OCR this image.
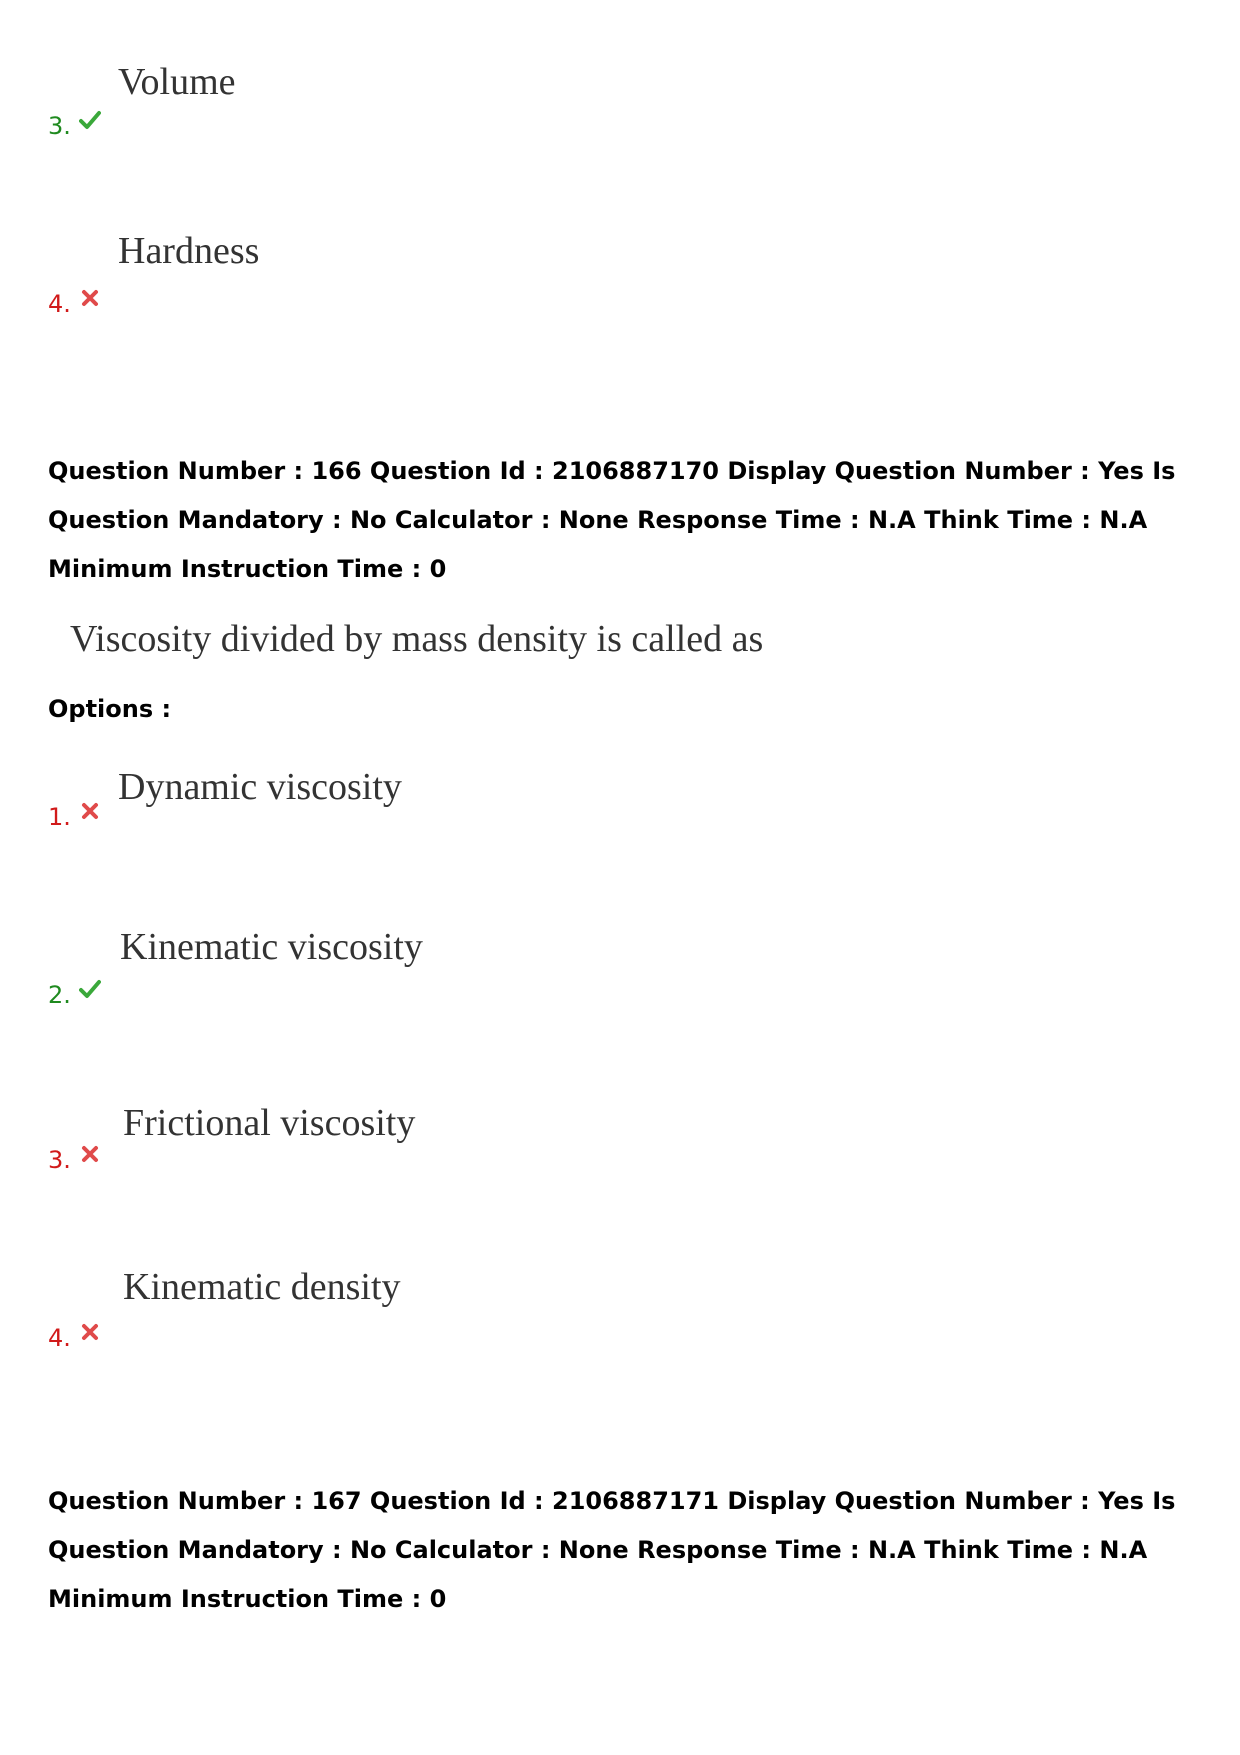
Volume
3.
Hardness
4.
Question Number : 166 Question Id : 2106887170 Display Question Number : Yes Is Question Mandatory : No Calculator : None Response Time : N.A Think Time : N.A Minimum Instruction Time : 0
Viscosity divided by mass density is called as
Options :
Dynamic viscosity
1.
Kinematic viscosity
2.
Frictional viscosity
3.
Kinematic density
4.
Question Number : 167 Question Id : 2106887171 Display Question Number : Yes Is Question Mandatory : No Calculator : None Response Time : N.A Think Time : N.A Minimum Instruction Time : 0
